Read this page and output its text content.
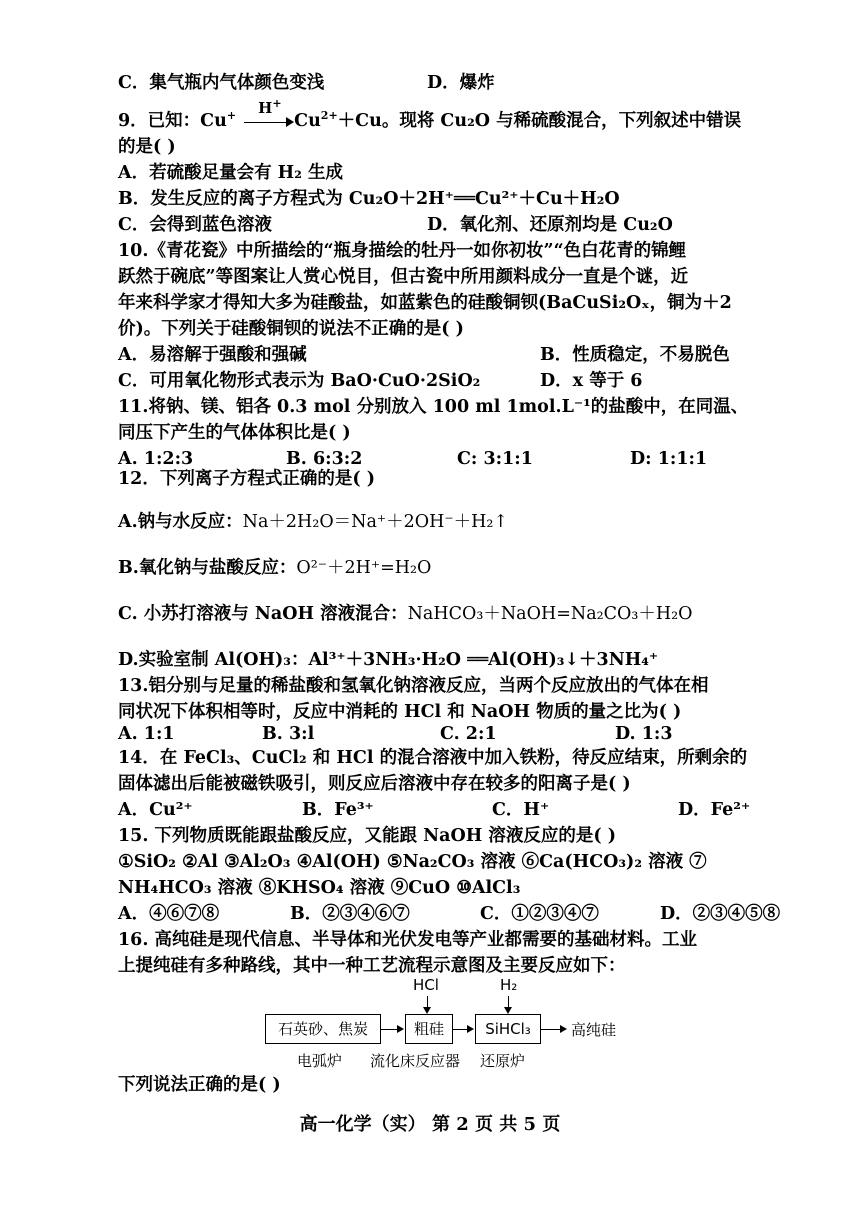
C．集气瓶内气体颜色变浅	D．爆炸
9．已知：Cu+ H+
$Cu^{2+}+Cu$。现将 Cu₂O 与稀硫酸混合，下列叙述中错误
的是( )
A．若硫酸足量会有 H₂ 生成
B．发生反应的离子方程式为 Cu₂O＋2H⁺══Cu²⁺＋Cu＋H₂O
C．会得到蓝色溶液	D．氧化剂、还原剂均是 Cu₂O
10.《青花瓷》中所描绘的“瓶身描绘的牡丹一如你初妆”“色白花青的锦鲤
跃然于碗底”等图案让人赏心悦目，但古瓷中所用颜料成分一直是个谜，近
年来科学家才得知大多为硅酸盐，如蓝紫色的硅酸铜钡(BaCuSi₂Oₓ，铜为＋2
价)。下列关于硅酸铜钡的说法不正确的是( )
A．易溶解于强酸和强碱	B．性质稳定，不易脱色
C．可用氧化物形式表示为 BaO·CuO·2SiO₂	D．x 等于 6
11.将钠、镁、铝各 0.3 mol 分别放入 100 ml 1mol.L⁻¹的盐酸中，在同温、
同压下产生的气体体积比是( )
A. 1:2:3	B. 6:3:2	C: 3:1:1	D: 1:1:1
12．下列离子方程式正确的是( )
A.钠与水反应：Na＋2H₂O＝Na⁺＋2OH⁻＋H₂↑
B.氧化钠与盐酸反应：O²⁻＋2H⁺=H₂O
C. 小苏打溶液与 NaOH 溶液混合：NaHCO₃＋NaOH=Na₂CO₃＋H₂O
D.实验室制 Al(OH)₃：Al³⁺＋3NH₃·H₂O ══Al(OH)₃↓＋3NH₄⁺
13.铝分别与足量的稀盐酸和氢氧化钠溶液反应，当两个反应放出的气体在相
同状况下体积相等时，反应中消耗的 HCl 和 NaOH 物质的量之比为( )
A. 1:1	B. 3:l	C. 2:1	D. 1:3
14．在 FeCl₃、CuCl₂ 和 HCl 的混合溶液中加入铁粉，待反应结束，所剩余的
固体滤出后能被磁铁吸引，则反应后溶液中存在较多的阳离子是( )
A．Cu²⁺	B．Fe³⁺	C．H⁺	D．Fe²⁺
15. 下列物质既能跟盐酸反应，又能跟 NaOH 溶液反应的是( )
①SiO₂ ②Al ③Al₂O₃ ④Al(OH) ⑤Na₂CO₃ 溶液 ⑥Ca(HCO₃)₂ 溶液 ⑦
NH₄HCO₃ 溶液 ⑧KHSO₄ 溶液 ⑨CuO ⑩AlCl₃
A．④⑥⑦⑧	B．②③④⑥⑦	C．①②③④⑦	D．②③④⑤⑧
16. 高纯硅是现代信息、半导体和光伏发电等产业都需要的基础材料。工业
上提纯硅有多种路线，其中一种工艺流程示意图及主要反应如下：
HCl	H₂
石英砂、焦炭	粗硅	SiHCl₃	高纯硅
电弧炉 流化床反应器 还原炉
下列说法正确的是( )
高一化学（实） 第 2 页 共 5 页
